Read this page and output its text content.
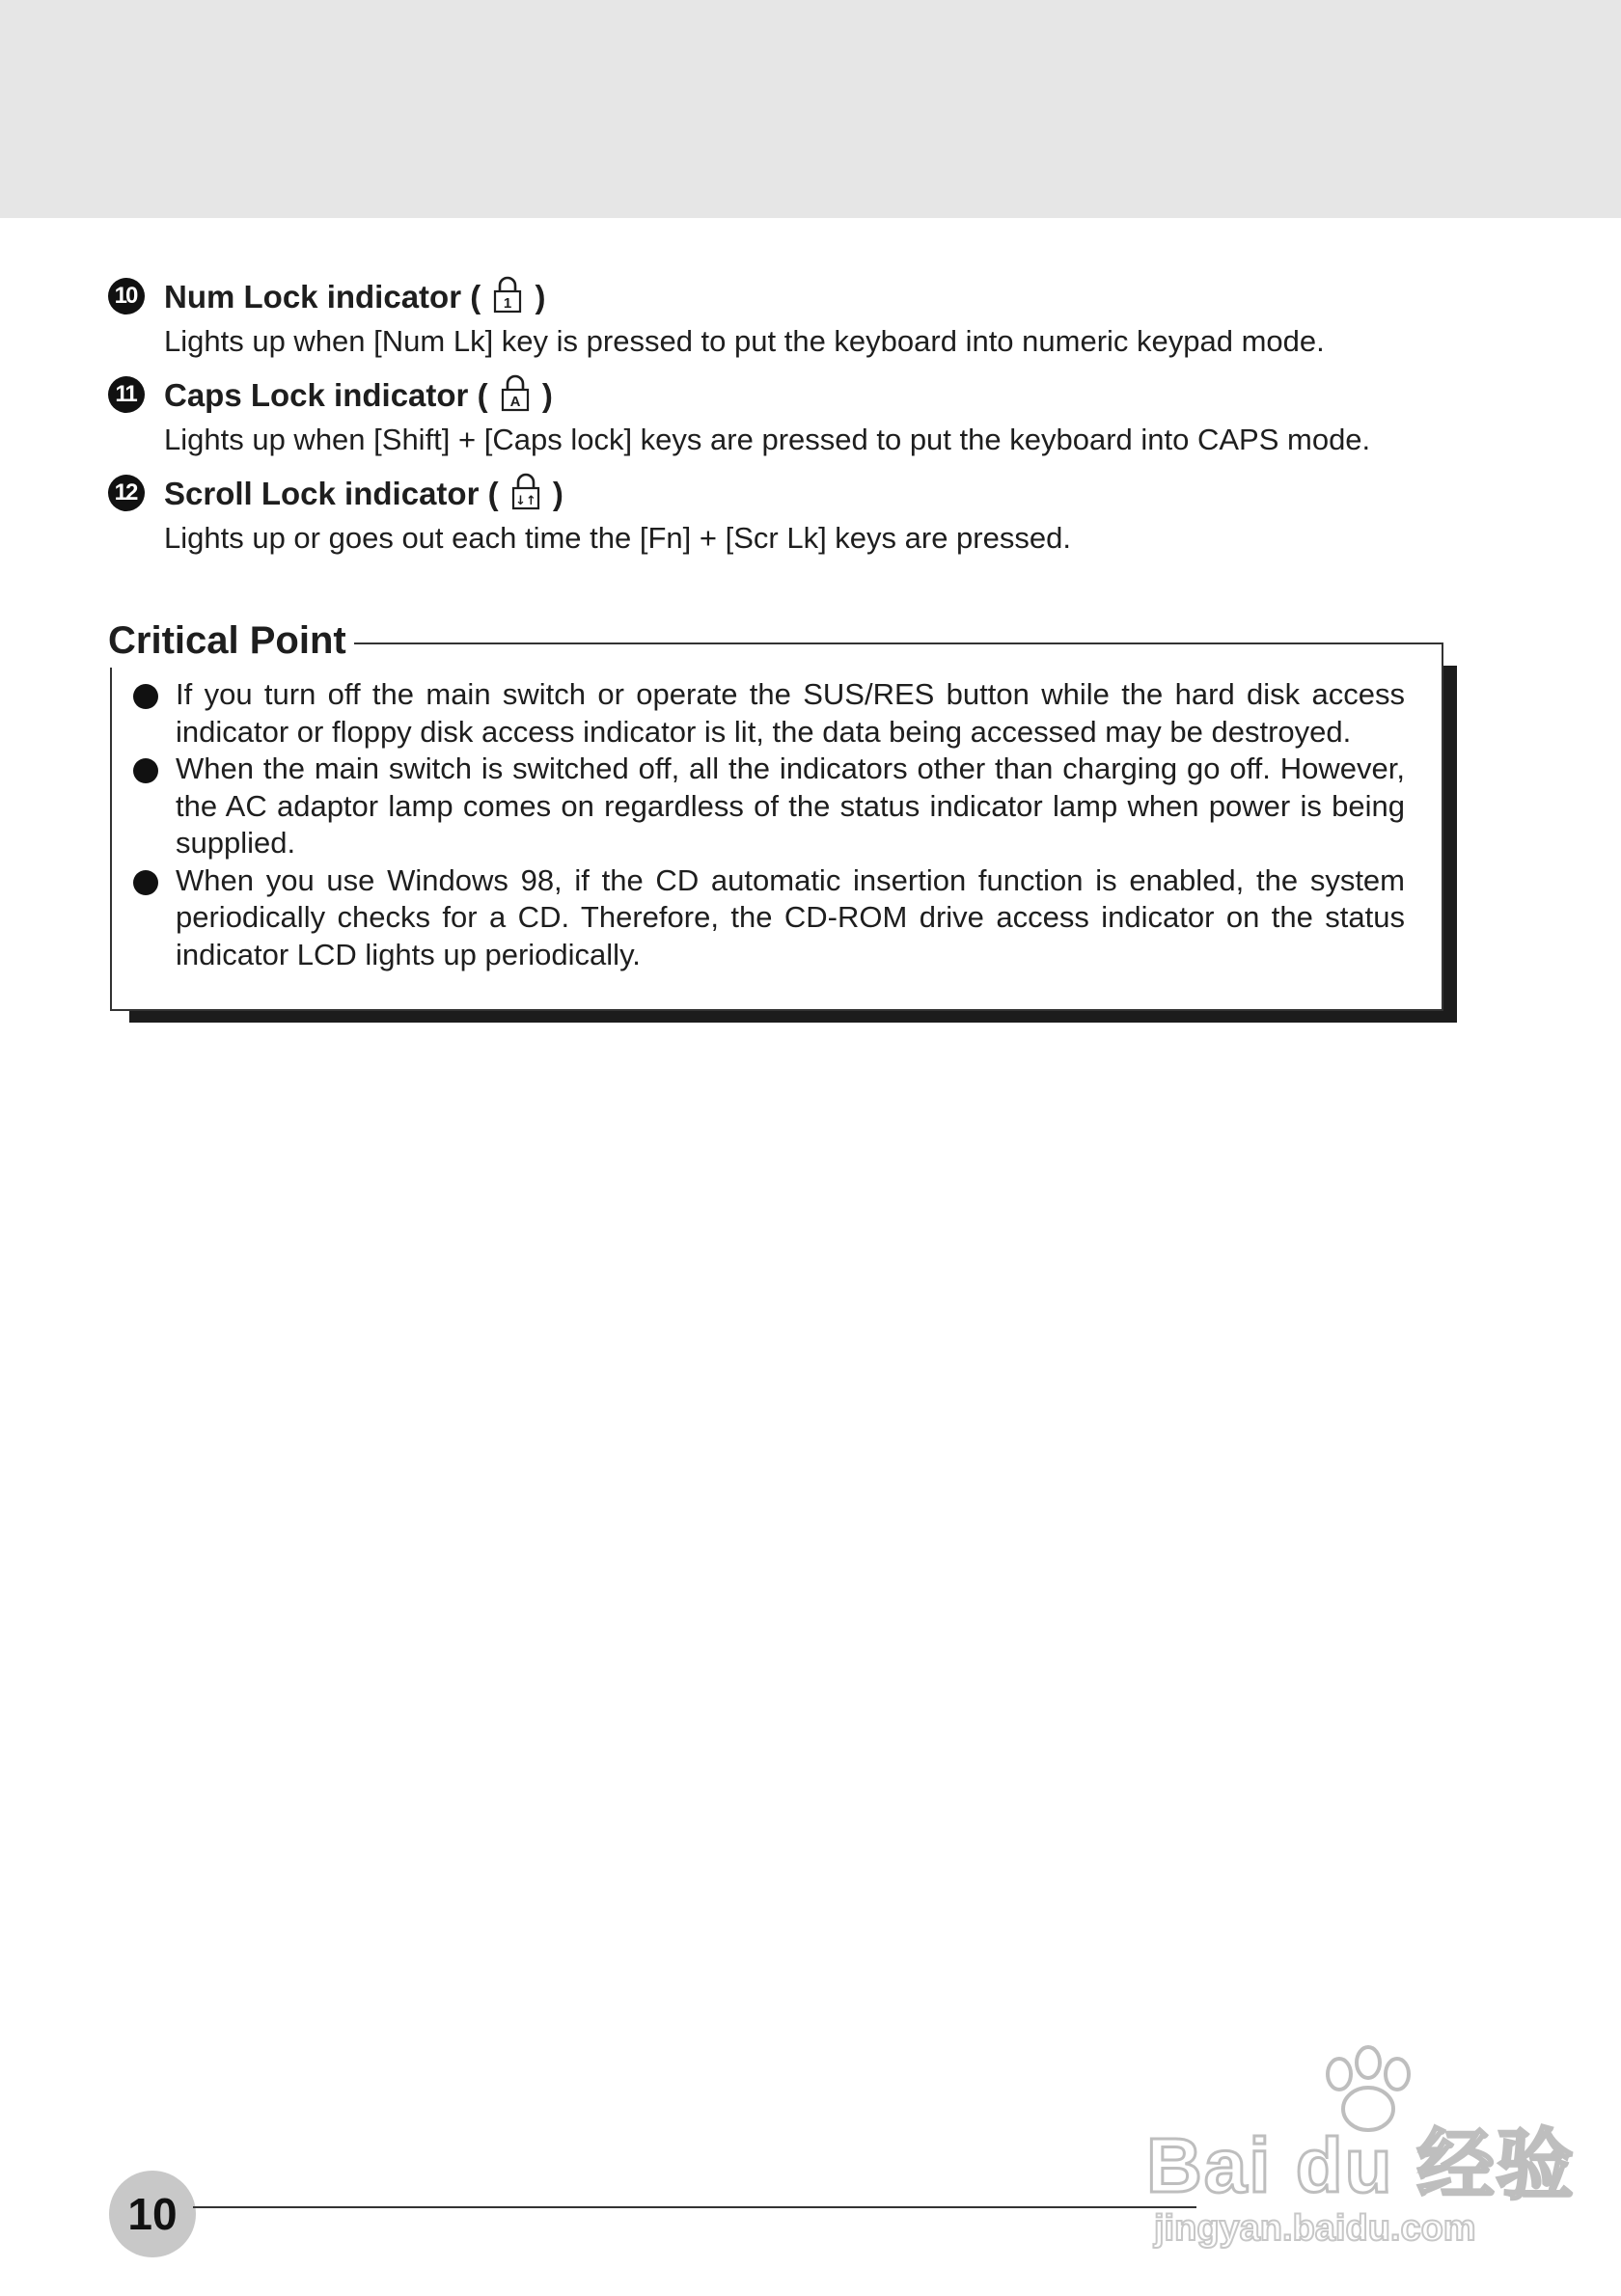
10 Num Lock indicator ( 1 )
Lights up when [Num Lk] key is pressed to put the keyboard into numeric keypad mode.
11 Caps Lock indicator ( A )
Lights up when [Shift] + [Caps lock] keys are pressed to put the keyboard into CAPS mode.
12 Scroll Lock indicator ( ↓↑ )
Lights up or goes out each time the [Fn] + [Scr Lk] keys are pressed.
Critical Point
If you turn off the main switch or operate the SUS/RES button while the hard disk access indicator or floppy disk access indicator is lit, the data being accessed may be destroyed.
When the main switch is switched off, all the indicators other than charging go off. However, the AC adaptor lamp comes on regardless of the status indicator lamp when power is being supplied.
When you use Windows 98, if the CD automatic insertion function is enabled, the system periodically checks for a CD. Therefore, the CD-ROM drive access indicator on the status indicator LCD lights up periodically.
10
Bai du 经验
jingyan.baidu.com
